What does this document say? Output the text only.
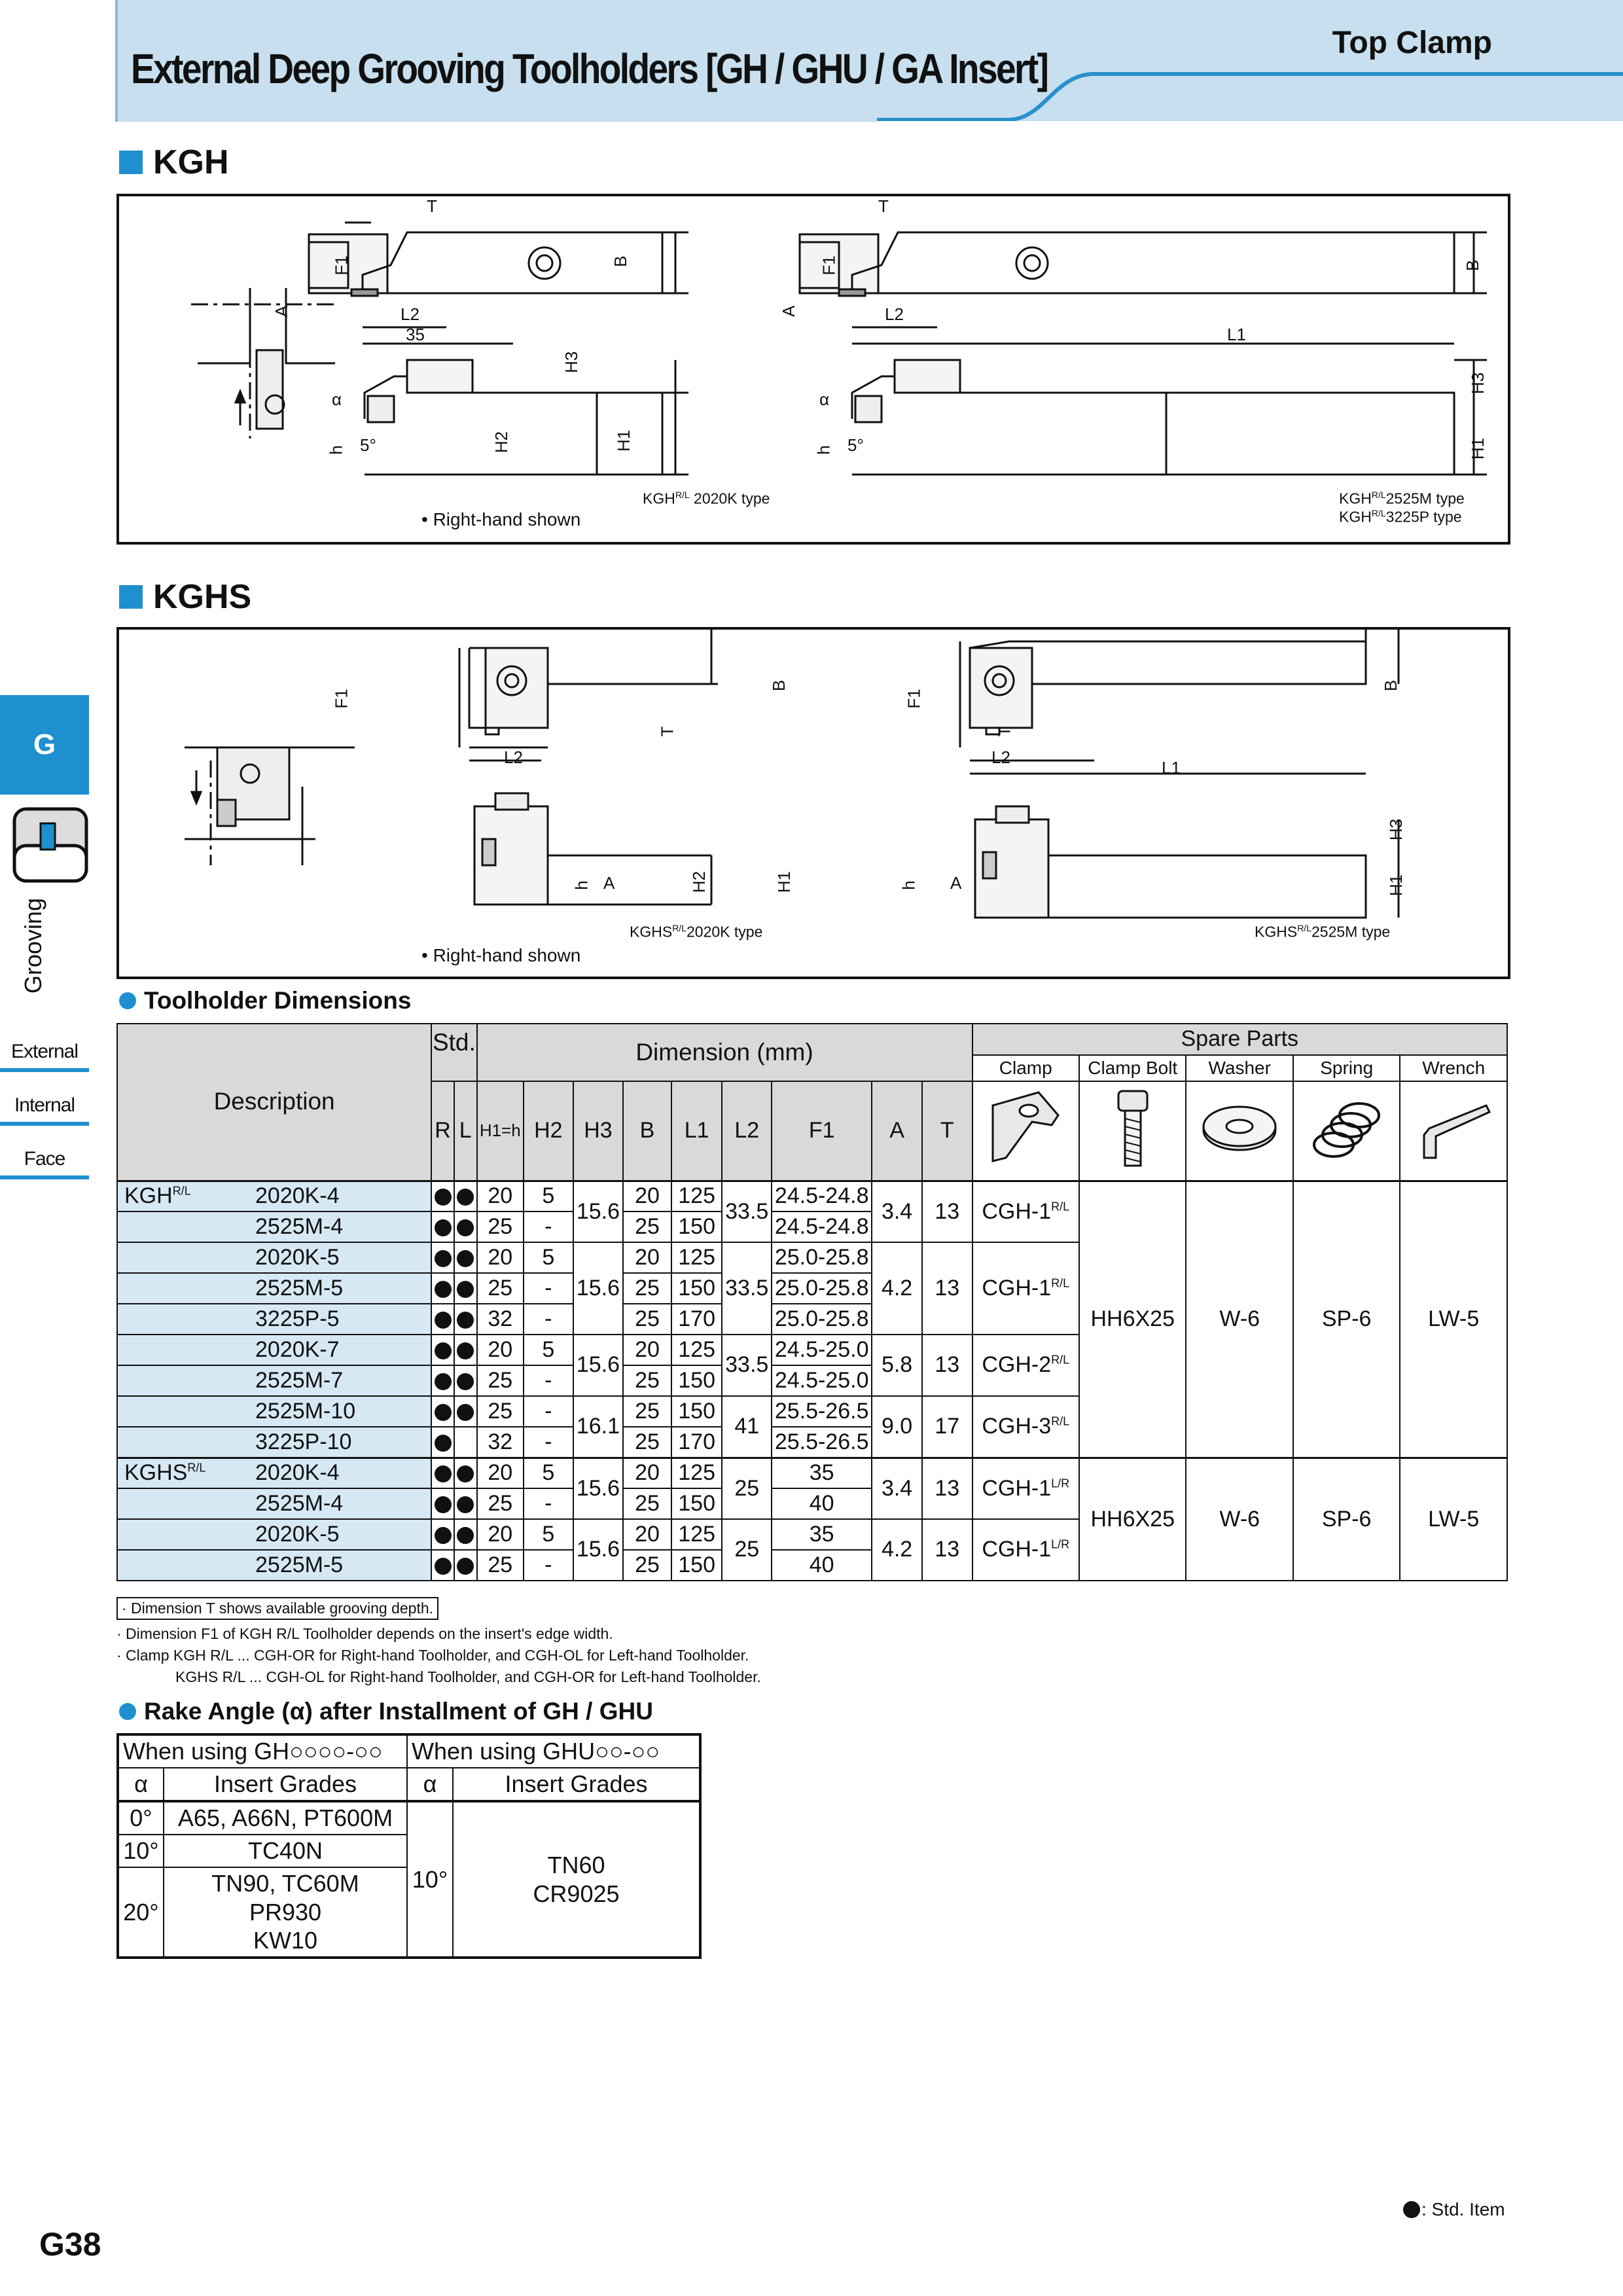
External Deep Grooving Toolholders [GH / GHU / GA Insert]
Top Clamp
G
Grooving
External
Internal
Face
KGH
B
H3
H1
T
F1
A	L2
35
α
h 5°	H2
T
F1
A	L2
L1
B
α
h 5°
H3
H1
• Right-hand shown
$KGH^{R/L}$ 2020K type	$KGH^{R/L}2525M$ type
$KGH^{R/L}3225P$ type
KGHS
F1
B
T
L2
h A	H2	H1
F1
T
L2
L1
B
h A
H3
H1
• Right-hand shown
$KGHS^{R/L}2020K$ type	$KGHS^{R/L}2525M$ type
Toolholder Dimensions
Description	Std.		Dimension (mm)									Spare Parts				
												Clamp	Clamp Bolt	Washer	Spring	Wrench
	R	L	H1=h	H2	H3	B	L1	L2	F1	A	T					

$KGH^{R/L}$ 2020K-4			20	5	15.6	20	125	33.5	24.5-24.8	3.4	13	CGH-$1^{R/L}$	HH6X25	W-6	SP-6	LW-5

2525M-4			25	-		25	150		24.5-24.8							

2020K-5			20	5	15.6	20	125	33.5	25.0-25.8	4.2	13	CGH-$1^{R/L}$

2525M-5			25	-		25	150		25.0-25.8							

3225P-5			32	-		25	170		25.0-25.8							

2020K-7			20	5	15.6	20	125	33.5	24.5-25.0	5.8	13	CGH-$2^{R/L}$

2525M-7			25	-		25	150		24.5-25.0							

2525M-10			25	-	16.1	25	150	41	25.5-26.5	9.0	17	CGH-$3^{R/L}$

3225P-10			32	-		25	170		25.5-26.5							

$KGHS^{R/L}$ 2020K-4			20	5	15.6	20	125	25	35	3.4	13	CGH-$1^{L/R}$	HH6X25	W-6	SP-6	LW-5

2525M-4			25	-		25	150		40							

2020K-5			20	5	15.6	20	125	25	35	4.2	13	CGH-$1^{L/R}$

2525M-5			25	-		25	150		40							
· Dimension T shows available grooving depth.
· Dimension F1 of KGH R/L Toolholder depends on the insert's edge width.
· Clamp KGH R/L ... CGH-OR for Right-hand Toolholder, and CGH-OL for Left-hand Toolholder.
KGHS R/L ... CGH-OL for Right-hand Toolholder, and CGH-OR for Left-hand Toolholder.
Rake Angle (α) after Installment of GH / GHU
When using GH○○○○-○○		When using GHU○○-○○	
α	Insert Grades	α	Insert Grades
0°	A65, A66N, PT600M	10°	TN60
CR9025

10°	TC40N		
20°	TN90, TC60M
PR930
KW10		
G38
: Std. Item
